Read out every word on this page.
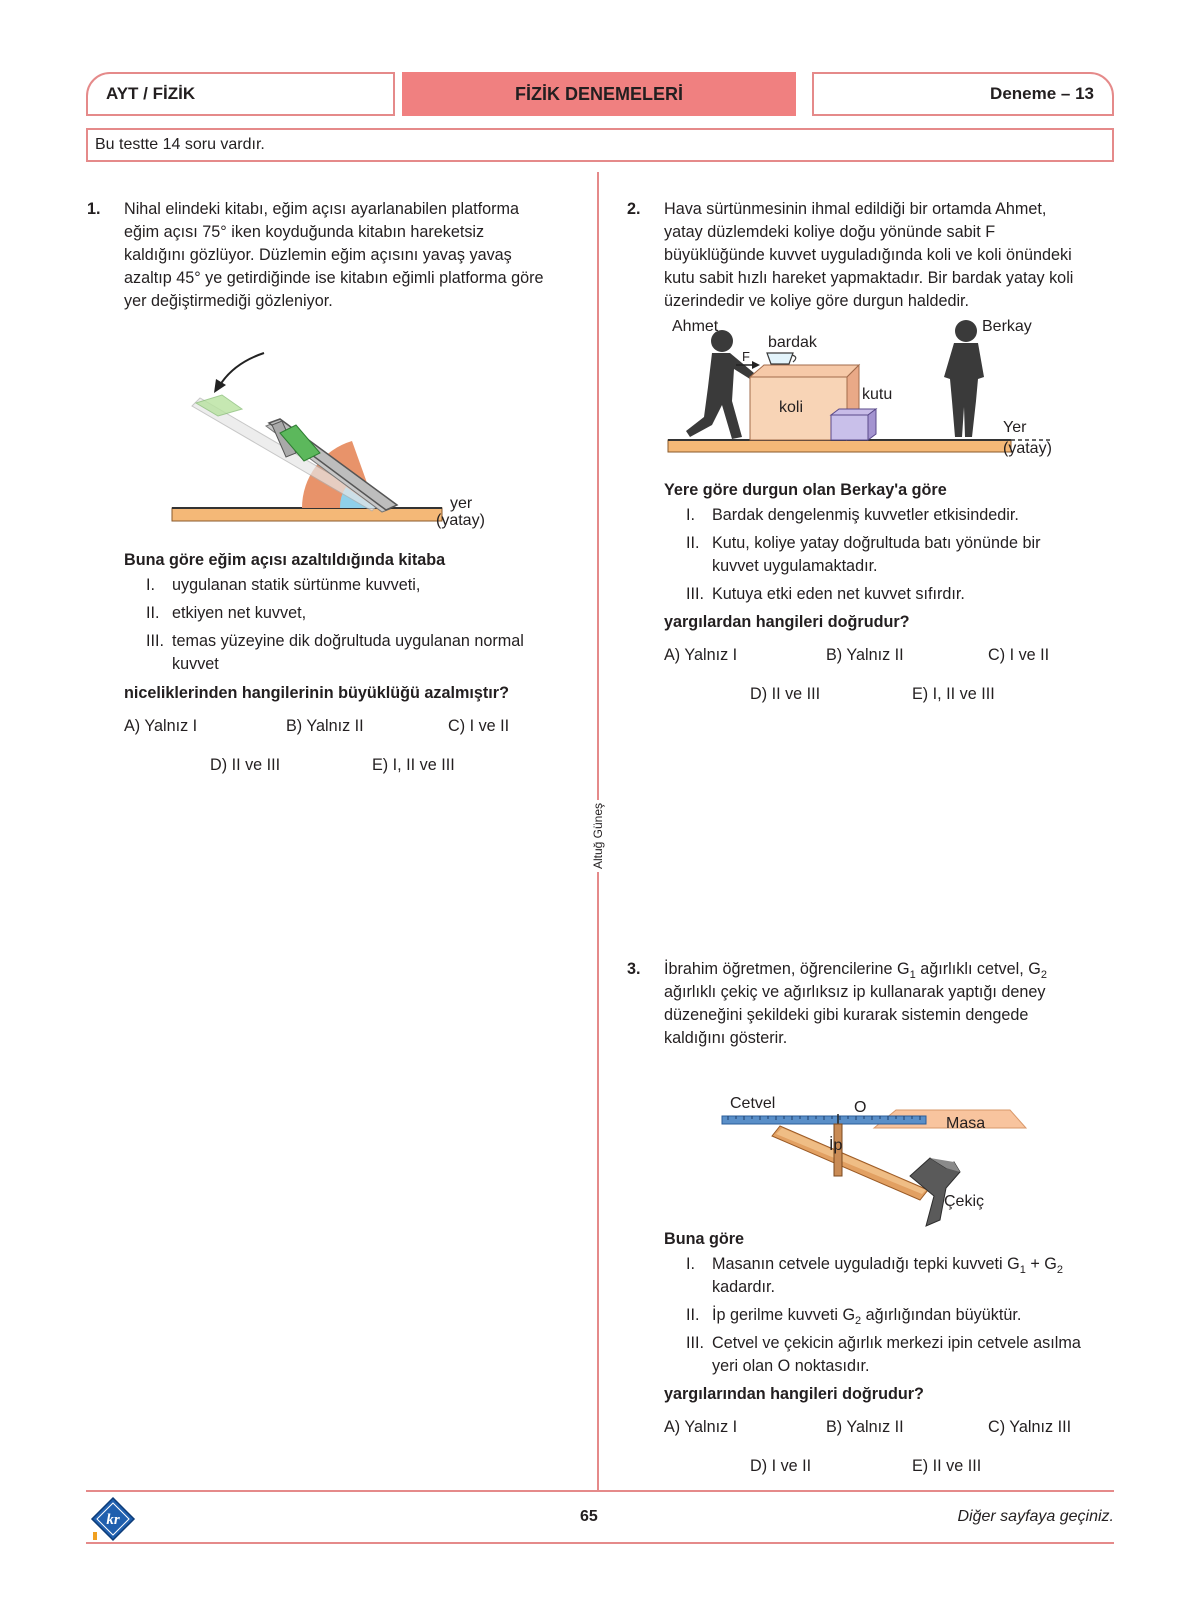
AYT / FİZİK	FİZİK DENEMELERİ	Deneme – 13
Bu testte 14 soru vardır.
Altuğ Güneş
1. Nihal elindeki kitabı, eğim açısı ayarlanabilen platforma
eğim açısı 75° iken koyduğunda kitabın hareketsiz
kaldığını gözlüyor. Düzlemin eğim açısını yavaş yavaş
azaltıp 45° ye getirdiğinde ise kitabın eğimli platforma göre
yer değiştirmediği gözleniyor.

yer
(yatay)

Buna göre eğim açısı azaltıldığında kitaba

I.	uygulanan statik sürtünme kuvveti,
II. etkiyen net kuvvet,
III. temas yüzeyine dik doğrultuda uygulanan normal kuvvet

niceliklerinden hangilerinin büyüklüğü azalmıştır?

A) Yalnız I	B) Yalnız II	C) I ve II
D) II ve III	E) I, II ve III
2. Hava sürtünmesinin ihmal edildiği bir ortamda Ahmet,
yatay düzlemdeki koliye doğu yönünde sabit F
büyüklüğünde kuvvet uyguladığında koli ve koli önündeki
kutu sabit hızlı hareket yapmaktadır. Bir bardak yatay koli
üzerindedir ve koliye göre durgun haldedir.

Ahmet	Berkay
bardak
F
koli
kutu
Yer
(yatay)

Yere göre durgun olan Berkay'a göre

I.	Bardak dengelenmiş kuvvetler etkisindedir.
II. Kutu, koliye yatay doğrultuda batı yönünde bir kuvvet uygulamaktadır.
III. Kutuya etki eden net kuvvet sıfırdır.

yargılardan hangileri doğrudur?

A) Yalnız I	B) Yalnız II	C) I ve II
D) II ve III	E) I, II ve III
3. İbrahim öğretmen, öğrencilerine $G_1$ ağırlıklı cetvel, $G_2$
ağırlıklı çekiç ve ağırlıksız ip kullanarak yaptığı deney
düzeneğini şekildeki gibi kurarak sistemin dengede
kaldığını gösterir.

Cetvel	O
Masa
İp
Çekiç

Buna göre

I.	Masanın cetvele uyguladığı tepki kuvveti $G_1 + G_2$
kadardır.
II. İp gerilme kuvveti $G_2$ ağırlığından büyüktür.
III. Cetvel ve çekicin ağırlık merkezi ipin cetvele asılma yeri olan O noktasıdır.

yargılarından hangileri doğrudur?

A) Yalnız I	B) Yalnız II	C) Yalnız III
D) I ve II	E) II ve III
kr	65	Diğer sayfaya geçiniz.
